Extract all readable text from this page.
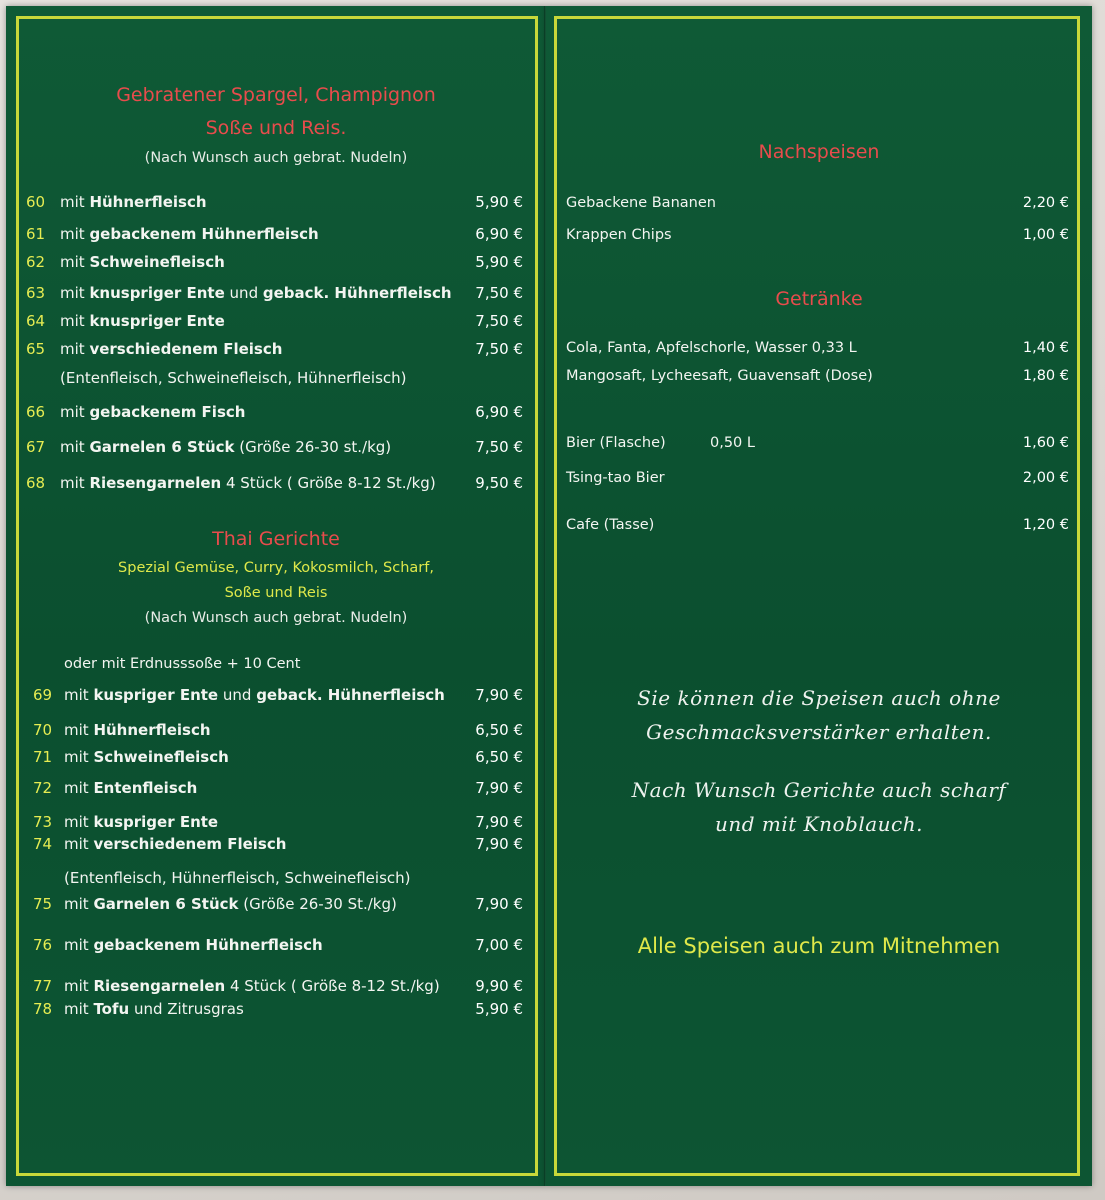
Gebratener Spargel, Champignon
Soße und Reis.
(Nach Wunsch auch gebrat. Nudeln)
60 mit Hühnerfleisch	5,90 €
61 mit gebackenem Hühnerfleisch	6,90 €
62 mit Schweinefleisch	5,90 €
63 mit knuspriger Ente und geback. Hühnerfleisch	7,50 €
64 mit knuspriger Ente	7,50 €
65 mit verschiedenem Fleisch	7,50 €
66 mit gebackenem Fisch	6,90 €
67 mit Garnelen 6 Stück (Größe 26-30 st./kg)	7,50 €
68 mit Riesengarnelen 4 Stück ( Größe 8-12 St./kg)	9,50 €
(Entenfleisch, Schweinefleisch, Hühnerfleisch)
Thai Gerichte
Spezial Gemüse, Curry, Kokosmilch, Scharf,
Soße und Reis
(Nach Wunsch auch gebrat. Nudeln)
oder mit Erdnusssoße + 10 Cent
69 mit kuspriger Ente und geback. Hühnerfleisch	7,90 €
70 mit Hühnerfleisch	6,50 €
71 mit Schweinefleisch	6,50 €
72 mit Entenfleisch	7,90 €
73 mit kuspriger Ente	7,90 €
74 mit verschiedenem Fleisch	7,90 €
75 mit Garnelen 6 Stück (Größe 26-30 St./kg)	7,90 €
76 mit gebackenem Hühnerfleisch	7,00 €
77 mit Riesengarnelen 4 Stück ( Größe 8-12 St./kg)	9,90 €
78 mit Tofu und Zitrusgras	5,90 €
(Entenfleisch, Hühnerfleisch, Schweinefleisch)
Nachspeisen
Gebackene Bananen	2,20 €
Krappen Chips	1,00 €
Getränke
Cola, Fanta, Apfelschorle, Wasser 0,33 L	1,40 €
Mangosaft, Lycheesaft, Guavensaft (Dose)	1,80 €
Bier (Flasche)	0,50 L	1,60 €
Tsing-tao Bier	2,00 €
Cafe (Tasse)	1,20 €
Sie können die Speisen auch ohne
Geschmacksverstärker erhalten.
Nach Wunsch Gerichte auch scharf
und mit Knoblauch.
Alle Speisen auch zum Mitnehmen
